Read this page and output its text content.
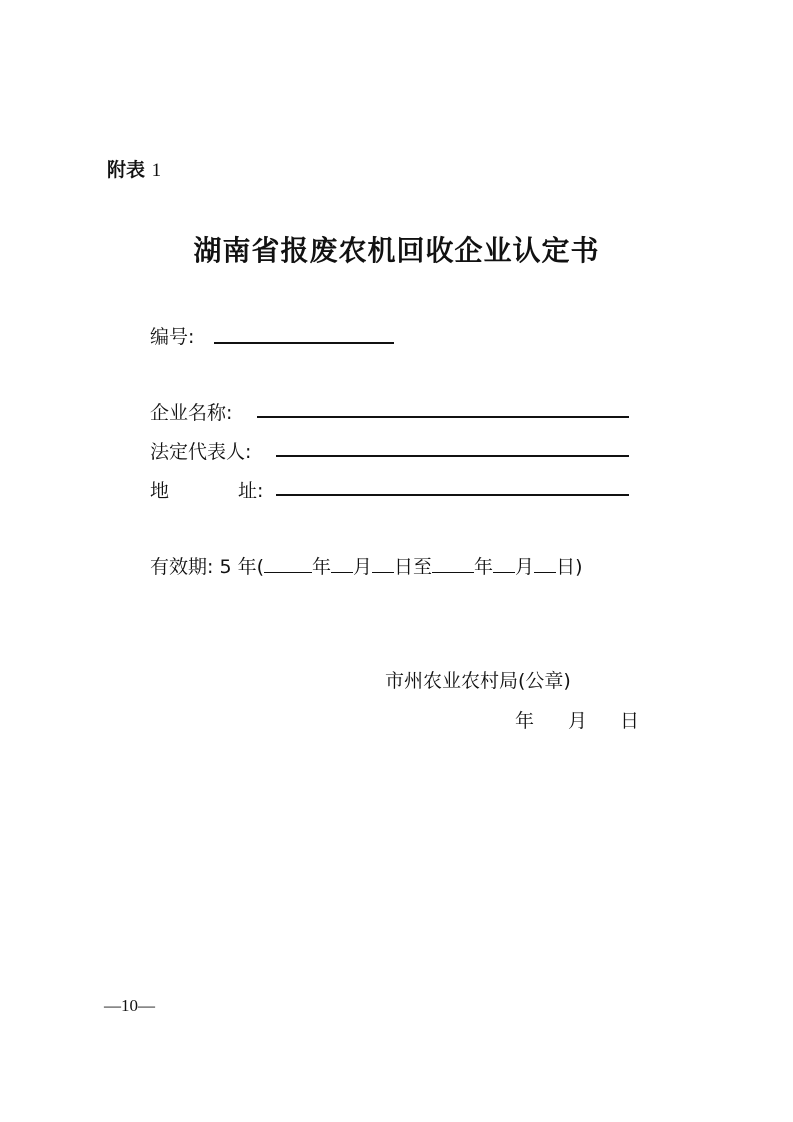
附表 1
湖南省报废农机回收企业认定书
编号:
企业名称:
法定代表人:
地	址:
有效期: 5 年(	年 月 日至 年 月 日)
市州农业农村局(公章)
年 月 日
—10—
